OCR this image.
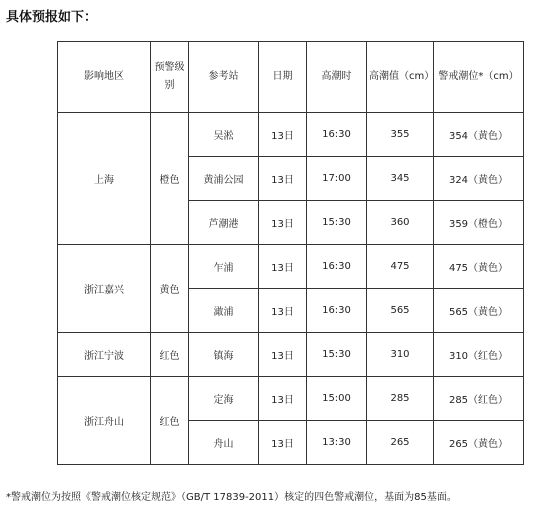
具体预报如下：
影响地区	预警级别	参考站	日期	高潮时	高潮值（cm）	警戒潮位*（cm）
上海	橙色	吴淞	13日	16:30	355	354（黄色）
		黄浦公园	13日	17:00	345	324（黄色）
		芦潮港	13日	15:30	360	359（橙色）
浙江嘉兴	黄色	乍浦	13日	16:30	475	475（黄色）
		澉浦	13日	16:30	565	565（黄色）
浙江宁波	红色	镇海	13日	15:30	310	310（红色）
浙江舟山	红色	定海	13日	15:00	285	285（红色）
		舟山	13日	13:30	265	265（黄色）
*警戒潮位为按照《警戒潮位核定规范》（GB/T 17839-2011）核定的四色警戒潮位，基面为85基面。
